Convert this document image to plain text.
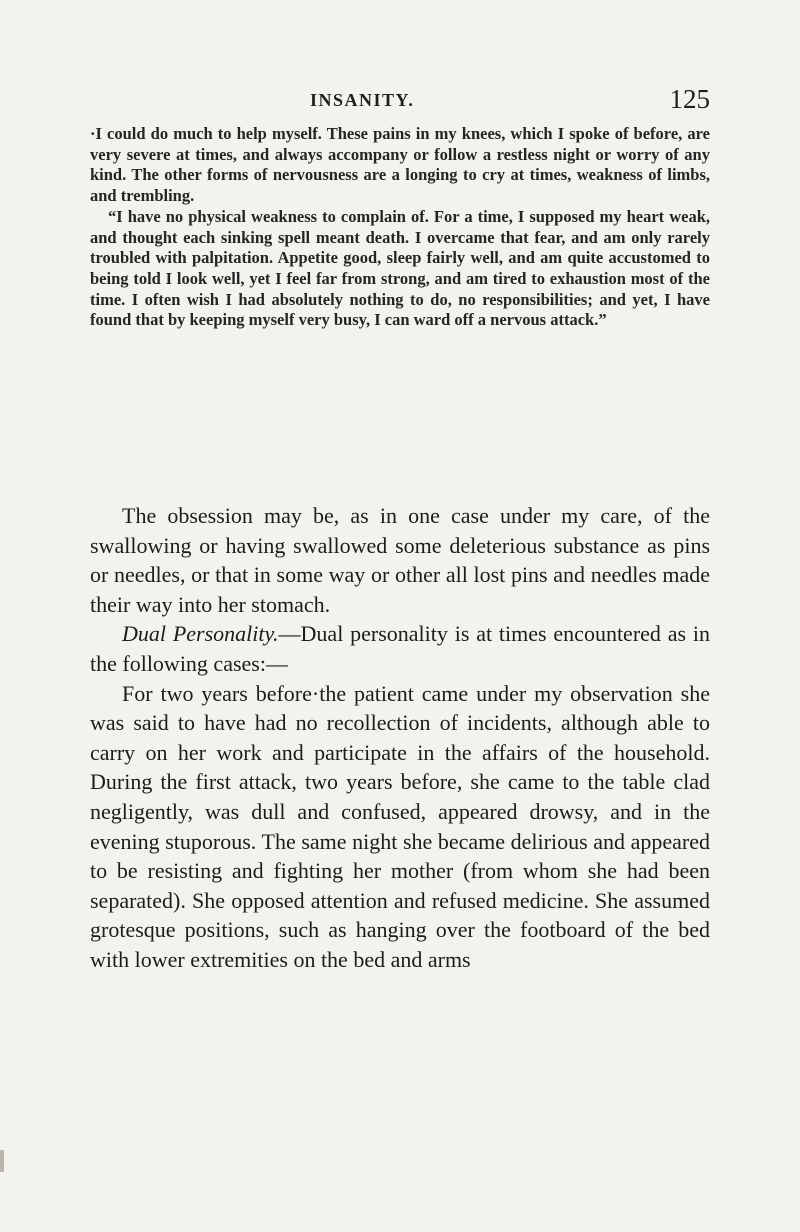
INSANITY.	125

·I could do much to help myself. These pains in my knees, which I spoke of before, are very severe at times, and always accompany or follow a restless night or worry of any kind. The other forms of nervousness are a longing to cry at times, weakness of limbs, and trembling.

“I have no physical weakness to complain of. For a time, I supposed my heart weak, and thought each sinking spell meant death. I overcame that fear, and am only rarely troubled with palpitation. Appetite good, sleep fairly well, and am quite accustomed to being told I look well, yet I feel far from strong, and am tired to exhaustion most of the time. I often wish I had absolutely nothing to do, no responsibilities; and yet, I have found that by keeping myself very busy, I can ward off a nervous attack.”

The obsession may be, as in one case under my care, of the swallowing or having swallowed some deleterious substance as pins or needles, or that in some way or other all lost pins and needles made their way into her stomach.

Dual Personality.—Dual personality is at times encountered as in the following cases:—

For two years before·the patient came under my observation she was said to have had no recollection of incidents, although able to carry on her work and participate in the affairs of the household. During the first attack, two years before, she came to the table clad negligently, was dull and confused, appeared drowsy, and in the evening stuporous. The same night she became delirious and appeared to be resisting and fighting her mother (from whom she had been separated). She opposed attention and refused medicine. She assumed grotesque positions, such as hanging over the footboard of the bed with lower extremities on the bed and arms
